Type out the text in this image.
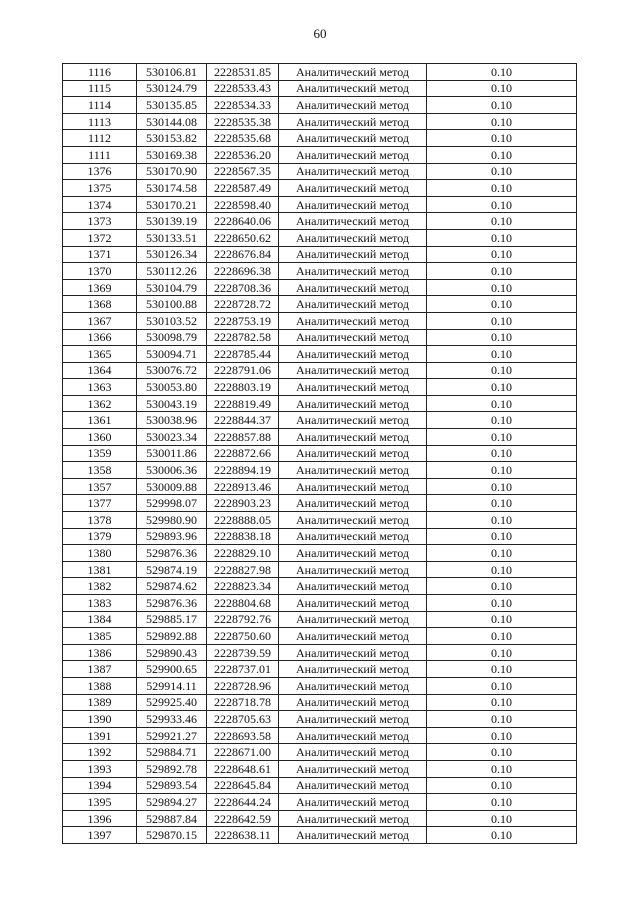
60
1116	530106.81	2228531.85	Аналитический метод	0.10
1115	530124.79	2228533.43	Аналитический метод	0.10
1114	530135.85	2228534.33	Аналитический метод	0.10
1113	530144.08	2228535.38	Аналитический метод	0.10
1112	530153.82	2228535.68	Аналитический метод	0.10
1111	530169.38	2228536.20	Аналитический метод	0.10
1376	530170.90	2228567.35	Аналитический метод	0.10
1375	530174.58	2228587.49	Аналитический метод	0.10
1374	530170.21	2228598.40	Аналитический метод	0.10
1373	530139.19	2228640.06	Аналитический метод	0.10
1372	530133.51	2228650.62	Аналитический метод	0.10
1371	530126.34	2228676.84	Аналитический метод	0.10
1370	530112.26	2228696.38	Аналитический метод	0.10
1369	530104.79	2228708.36	Аналитический метод	0.10
1368	530100.88	2228728.72	Аналитический метод	0.10
1367	530103.52	2228753.19	Аналитический метод	0.10
1366	530098.79	2228782.58	Аналитический метод	0.10
1365	530094.71	2228785.44	Аналитический метод	0.10
1364	530076.72	2228791.06	Аналитический метод	0.10
1363	530053.80	2228803.19	Аналитический метод	0.10
1362	530043.19	2228819.49	Аналитический метод	0.10
1361	530038.96	2228844.37	Аналитический метод	0.10
1360	530023.34	2228857.88	Аналитический метод	0.10
1359	530011.86	2228872.66	Аналитический метод	0.10
1358	530006.36	2228894.19	Аналитический метод	0.10
1357	530009.88	2228913.46	Аналитический метод	0.10
1377	529998.07	2228903.23	Аналитический метод	0.10
1378	529980.90	2228888.05	Аналитический метод	0.10
1379	529893.96	2228838.18	Аналитический метод	0.10
1380	529876.36	2228829.10	Аналитический метод	0.10
1381	529874.19	2228827.98	Аналитический метод	0.10
1382	529874.62	2228823.34	Аналитический метод	0.10
1383	529876.36	2228804.68	Аналитический метод	0.10
1384	529885.17	2228792.76	Аналитический метод	0.10
1385	529892.88	2228750.60	Аналитический метод	0.10
1386	529890.43	2228739.59	Аналитический метод	0.10
1387	529900.65	2228737.01	Аналитический метод	0.10
1388	529914.11	2228728.96	Аналитический метод	0.10
1389	529925.40	2228718.78	Аналитический метод	0.10
1390	529933.46	2228705.63	Аналитический метод	0.10
1391	529921.27	2228693.58	Аналитический метод	0.10
1392	529884.71	2228671.00	Аналитический метод	0.10
1393	529892.78	2228648.61	Аналитический метод	0.10
1394	529893.54	2228645.84	Аналитический метод	0.10
1395	529894.27	2228644.24	Аналитический метод	0.10
1396	529887.84	2228642.59	Аналитический метод	0.10
1397	529870.15	2228638.11	Аналитический метод	0.10
